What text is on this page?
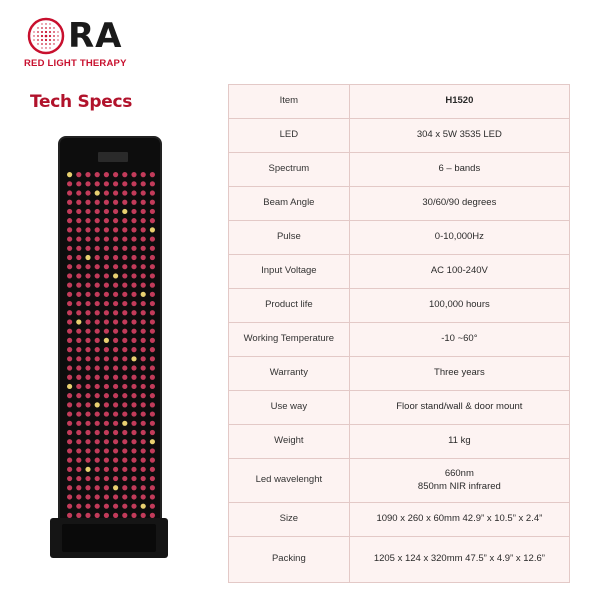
RA
RED LIGHT THERAPY
Tech Specs	Item	H1520

LED	304 x 5W 3535 LED

Spectrum	6 – bands

Beam Angle	30/60/90 degrees

Pulse	0-10,000Hz

Input Voltage	AC 100-240V

Product life	100,000 hours

Working Temperature	-10 ~60°

Warranty	Three years

Use way	Floor stand/wall & door mount

Weight	11 kg

Led wavelenght	660nm
850nm NIR infrared

Size	1090 x 260 x 60mm 42.9” x 10.5” x 2.4”

Packing	1205 x 124 x 320mm 47.5” x 4.9” x 12.6”
